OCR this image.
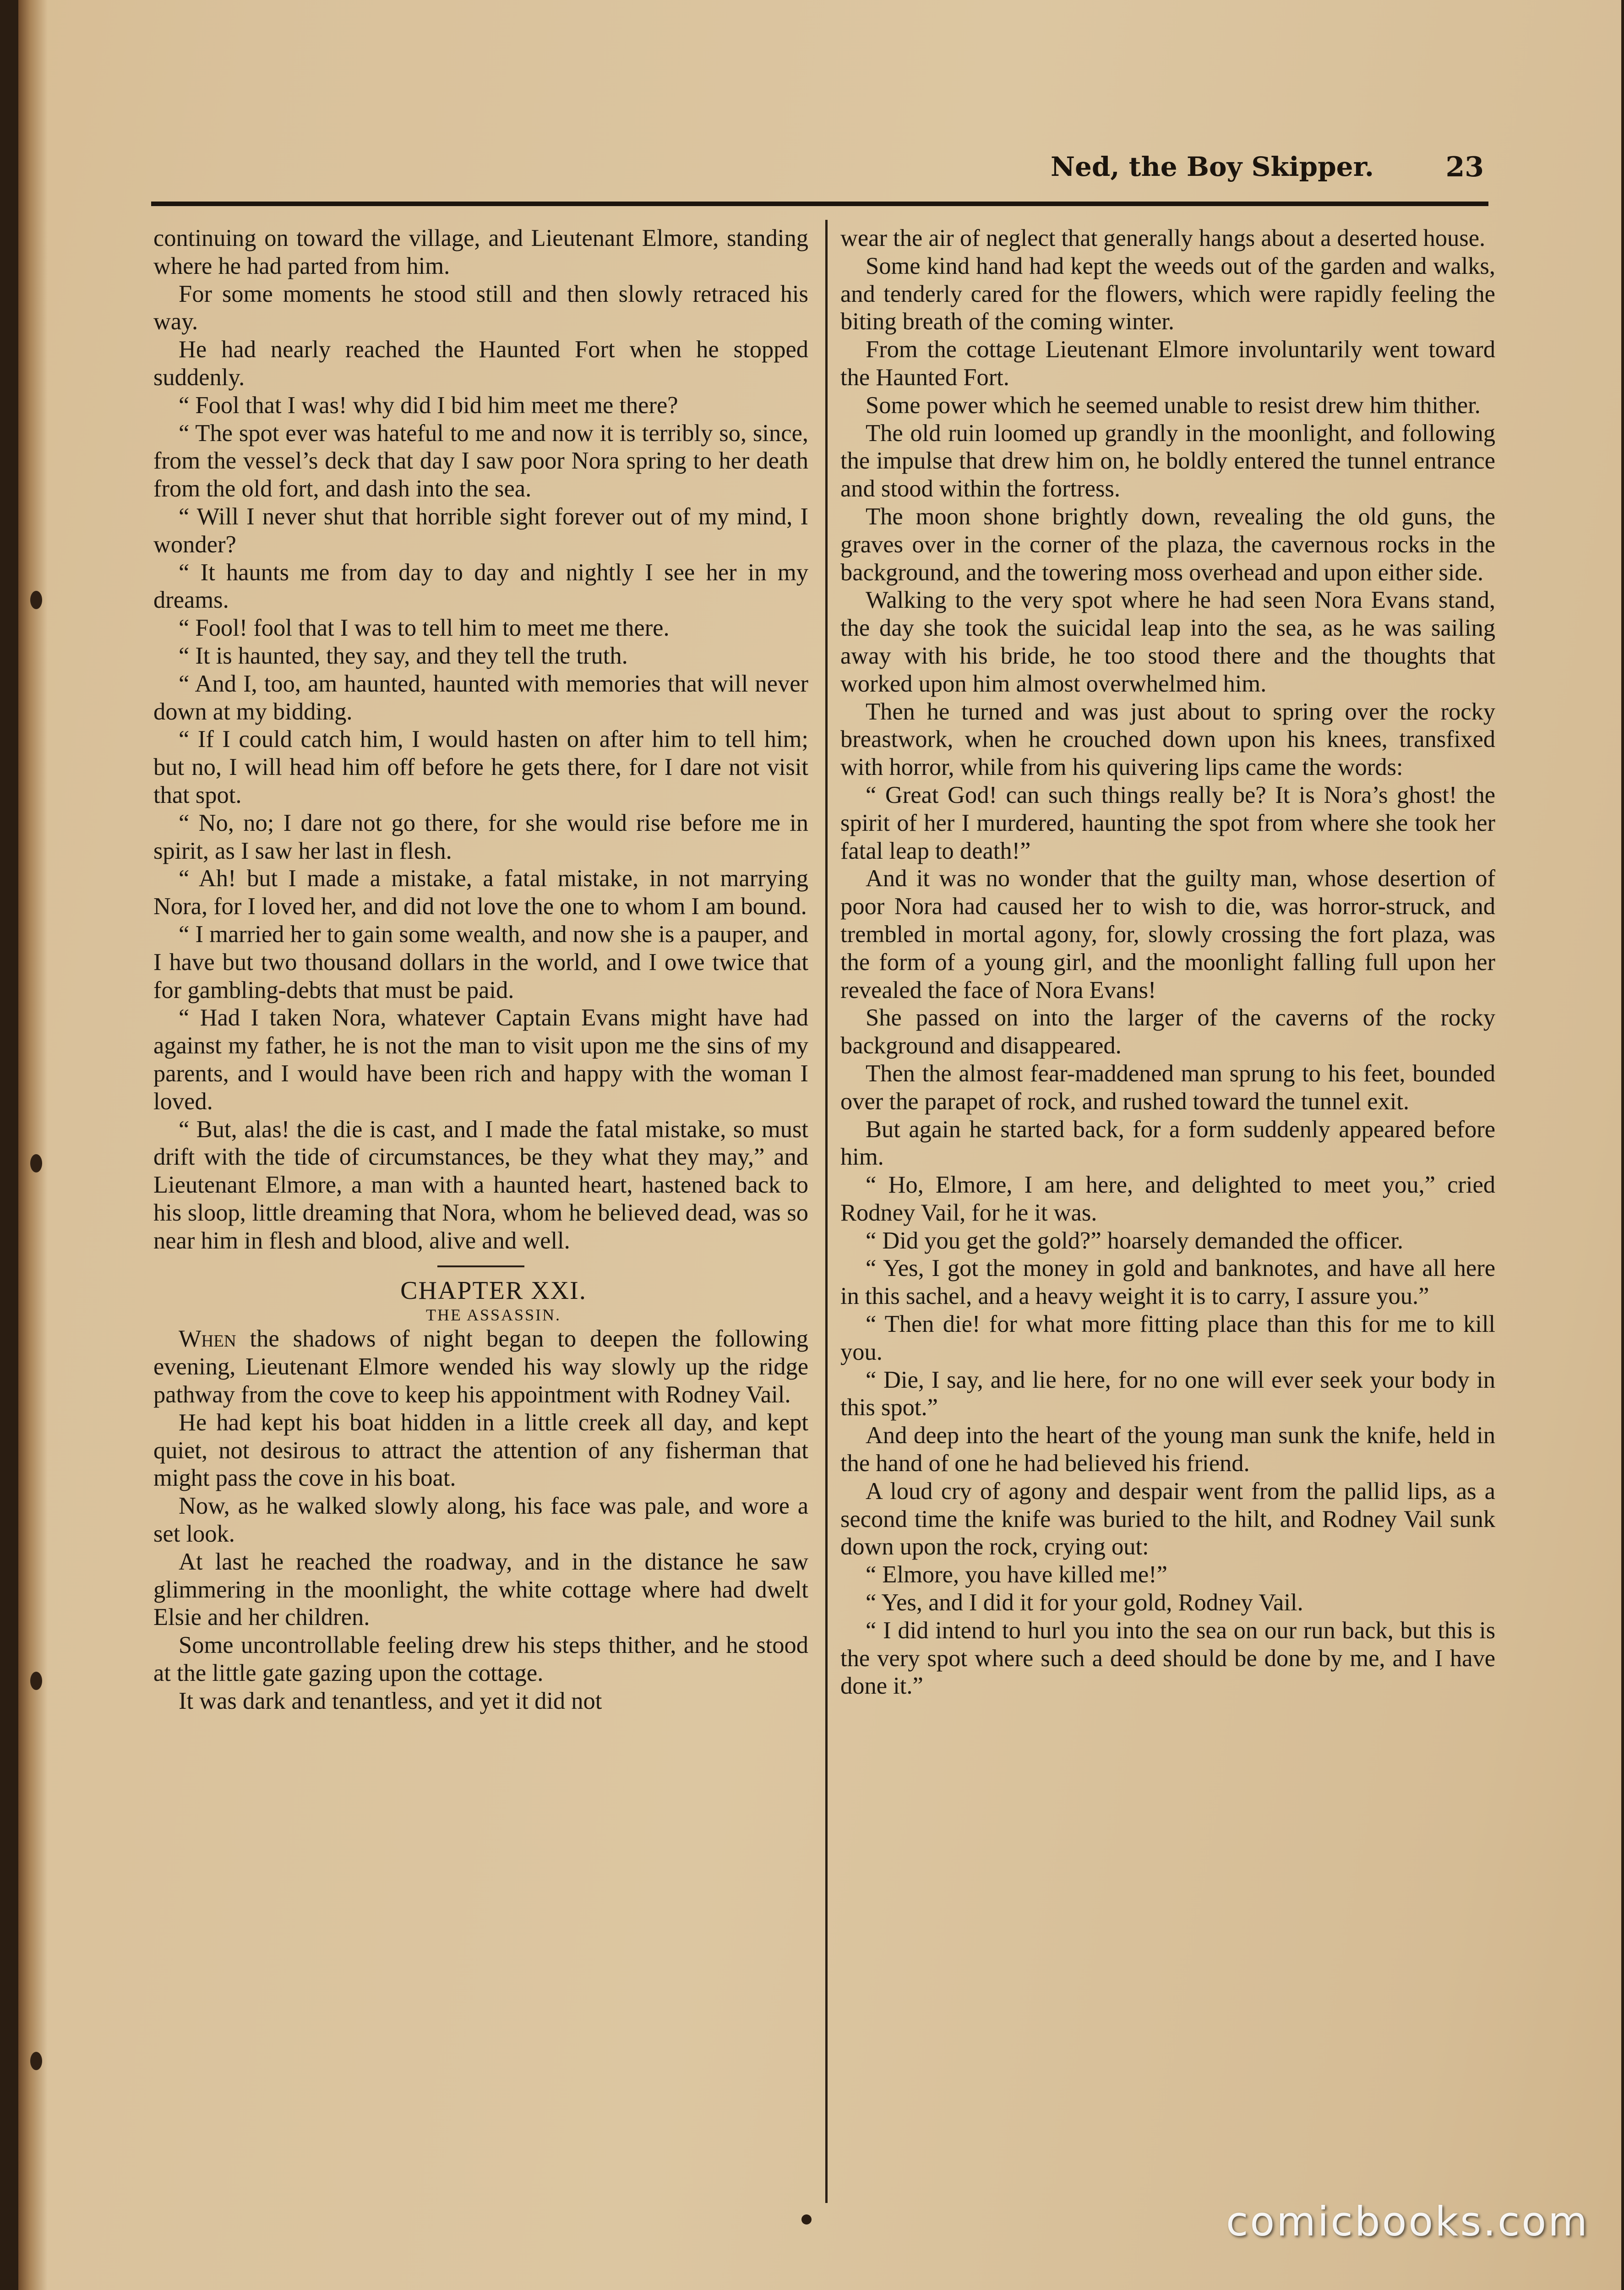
Ned, the Boy Skipper.	23

continuing on toward the village, and Lieutenant Elmore, standing where he had parted from him.

For some moments he stood still and then slowly retraced his way.

He had nearly reached the Haunted Fort when he stopped suddenly.

“ Fool that I was! why did I bid him meet me there?

“ The spot ever was hateful to me and now it is terribly so, since, from the vessel’s deck that day I saw poor Nora spring to her death from the old fort, and dash into the sea.

“ Will I never shut that horrible sight forever out of my mind, I wonder?

“ It haunts me from day to day and nightly I see her in my dreams.

“ Fool! fool that I was to tell him to meet me there.

“ It is haunted, they say, and they tell the truth.

“ And I, too, am haunted, haunted with memories that will never down at my bidding.

“ If I could catch him, I would hasten on after him to tell him; but no, I will head him off before he gets there, for I dare not visit that spot.

“ No, no; I dare not go there, for she would rise before me in spirit, as I saw her last in flesh.

“ Ah! but I made a mistake, a fatal mistake, in not marrying Nora, for I loved her, and did not love the one to whom I am bound.

“ I married her to gain some wealth, and now she is a pauper, and I have but two thousand dollars in the world, and I owe twice that for gambling-debts that must be paid.

“ Had I taken Nora, whatever Captain Evans might have had against my father, he is not the man to visit upon me the sins of my parents, and I would have been rich and happy with the woman I loved.

“ But, alas! the die is cast, and I made the fatal mistake, so must drift with the tide of circumstances, be they what they may,” and Lieutenant Elmore, a man with a haunted heart, hastened back to his sloop, little dreaming that Nora, whom he believed dead, was so near him in flesh and blood, alive and well.

CHAPTER XXI.

THE ASSASSIN.

When the shadows of night began to deepen the following evening, Lieutenant Elmore wended his way slowly up the ridge pathway from the cove to keep his appointment with Rodney Vail.

He had kept his boat hidden in a little creek all day, and kept quiet, not desirous to attract the attention of any fisherman that might pass the cove in his boat.

Now, as he walked slowly along, his face was pale, and wore a set look.

At last he reached the roadway, and in the distance he saw glimmering in the moonlight, the white cottage where had dwelt Elsie and her children.

Some uncontrollable feeling drew his steps thither, and he stood at the little gate gazing upon the cottage.

It was dark and tenantless, and yet it did not

wear the air of neglect that generally hangs about a deserted house.

Some kind hand had kept the weeds out of the garden and walks, and tenderly cared for the flowers, which were rapidly feeling the biting breath of the coming winter.

From the cottage Lieutenant Elmore involuntarily went toward the Haunted Fort.

Some power which he seemed unable to resist drew him thither.

The old ruin loomed up grandly in the moonlight, and following the impulse that drew him on, he boldly entered the tunnel entrance and stood within the fortress.

The moon shone brightly down, revealing the old guns, the graves over in the corner of the plaza, the cavernous rocks in the background, and the towering moss overhead and upon either side.

Walking to the very spot where he had seen Nora Evans stand, the day she took the suicidal leap into the sea, as he was sailing away with his bride, he too stood there and the thoughts that worked upon him almost overwhelmed him.

Then he turned and was just about to spring over the rocky breastwork, when he crouched down upon his knees, transfixed with horror, while from his quivering lips came the words:

“ Great God! can such things really be? It is Nora’s ghost! the spirit of her I murdered, haunting the spot from where she took her fatal leap to death!”

And it was no wonder that the guilty man, whose desertion of poor Nora had caused her to wish to die, was horror-struck, and trembled in mortal agony, for, slowly crossing the fort plaza, was the form of a young girl, and the moonlight falling full upon her revealed the face of Nora Evans!

She passed on into the larger of the caverns of the rocky background and disappeared.

Then the almost fear-maddened man sprung to his feet, bounded over the parapet of rock, and rushed toward the tunnel exit.

But again he started back, for a form suddenly appeared before him.

“ Ho, Elmore, I am here, and delighted to meet you,” cried Rodney Vail, for he it was.

“ Did you get the gold?” hoarsely demanded the officer.

“ Yes, I got the money in gold and banknotes, and have all here in this sachel, and a heavy weight it is to carry, I assure you.”

“ Then die! for what more fitting place than this for me to kill you.

“ Die, I say, and lie here, for no one will ever seek your body in this spot.”

And deep into the heart of the young man sunk the knife, held in the hand of one he had believed his friend.

A loud cry of agony and despair went from the pallid lips, as a second time the knife was buried to the hilt, and Rodney Vail sunk down upon the rock, crying out:

“ Elmore, you have killed me!”

“ Yes, and I did it for your gold, Rodney Vail.

“ I did intend to hurl you into the sea on our run back, but this is the very spot where such a deed should be done by me, and I have done it.”

comicbooks.com
